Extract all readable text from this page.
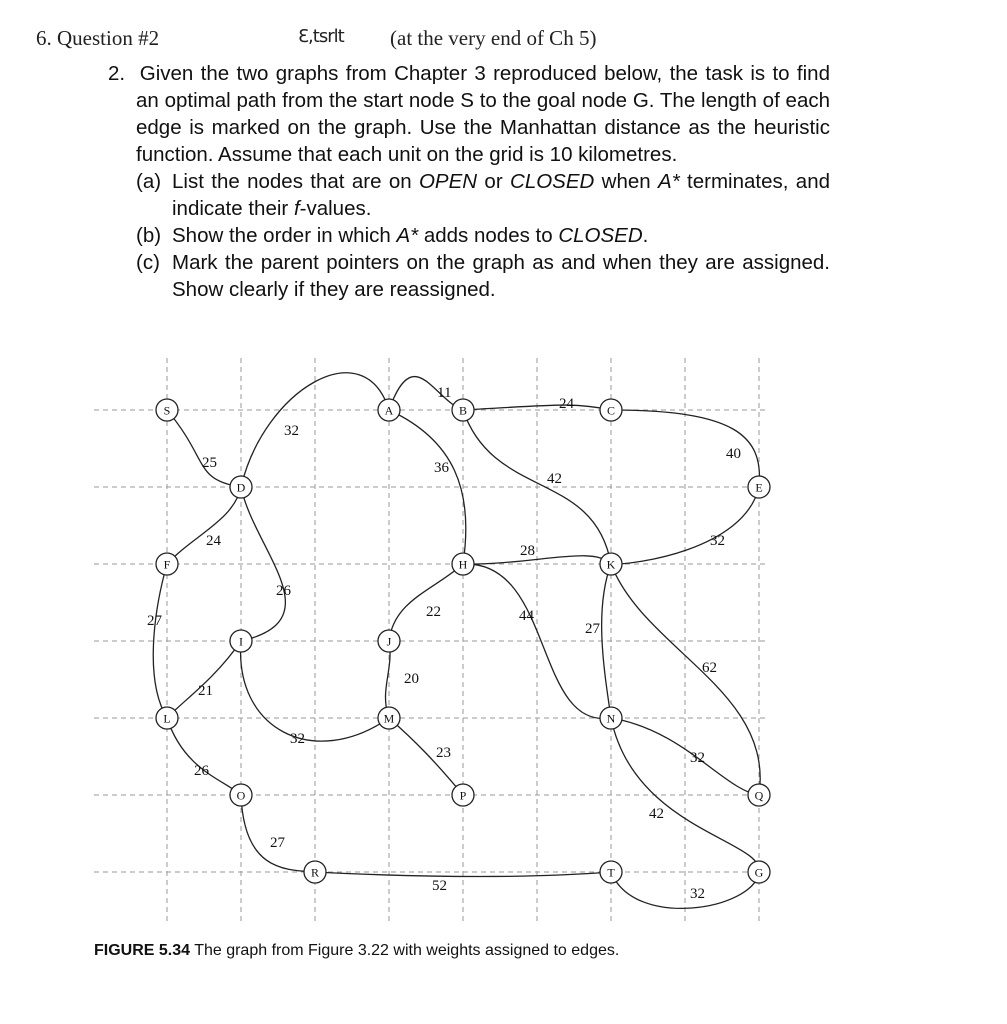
6. Question #2	Ɛ,tsrlt (at the very end of Ch 5)
2. Given the two graphs from Chapter 3 reproduced below, the task is to find an optimal path from the start node S to the goal node G. The length of each edge is marked on the graph. Use the Manhattan distance as the heuristic function. Assume that each unit on the grid is 10 kilometres.
(a) List the nodes that are on OPEN or CLOSED when A* terminates, and indicate their f-values.
(b) Show the order in which A* adds nodes to CLOSED.
(c) Mark the parent pointers on the graph as and when they are assigned. Show clearly if they are reassigned.
25
32
11
36
24
42
40
32
24
26
28
22	44
27
62
27
21
20
32
26
23	32
42
27
52	32
S	A	B	C
D	E
F	H	K
I	J
L	M	N
O	P	Q
R	T	G
FIGURE 5.34 The graph from Figure 3.22 with weights assigned to edges.
